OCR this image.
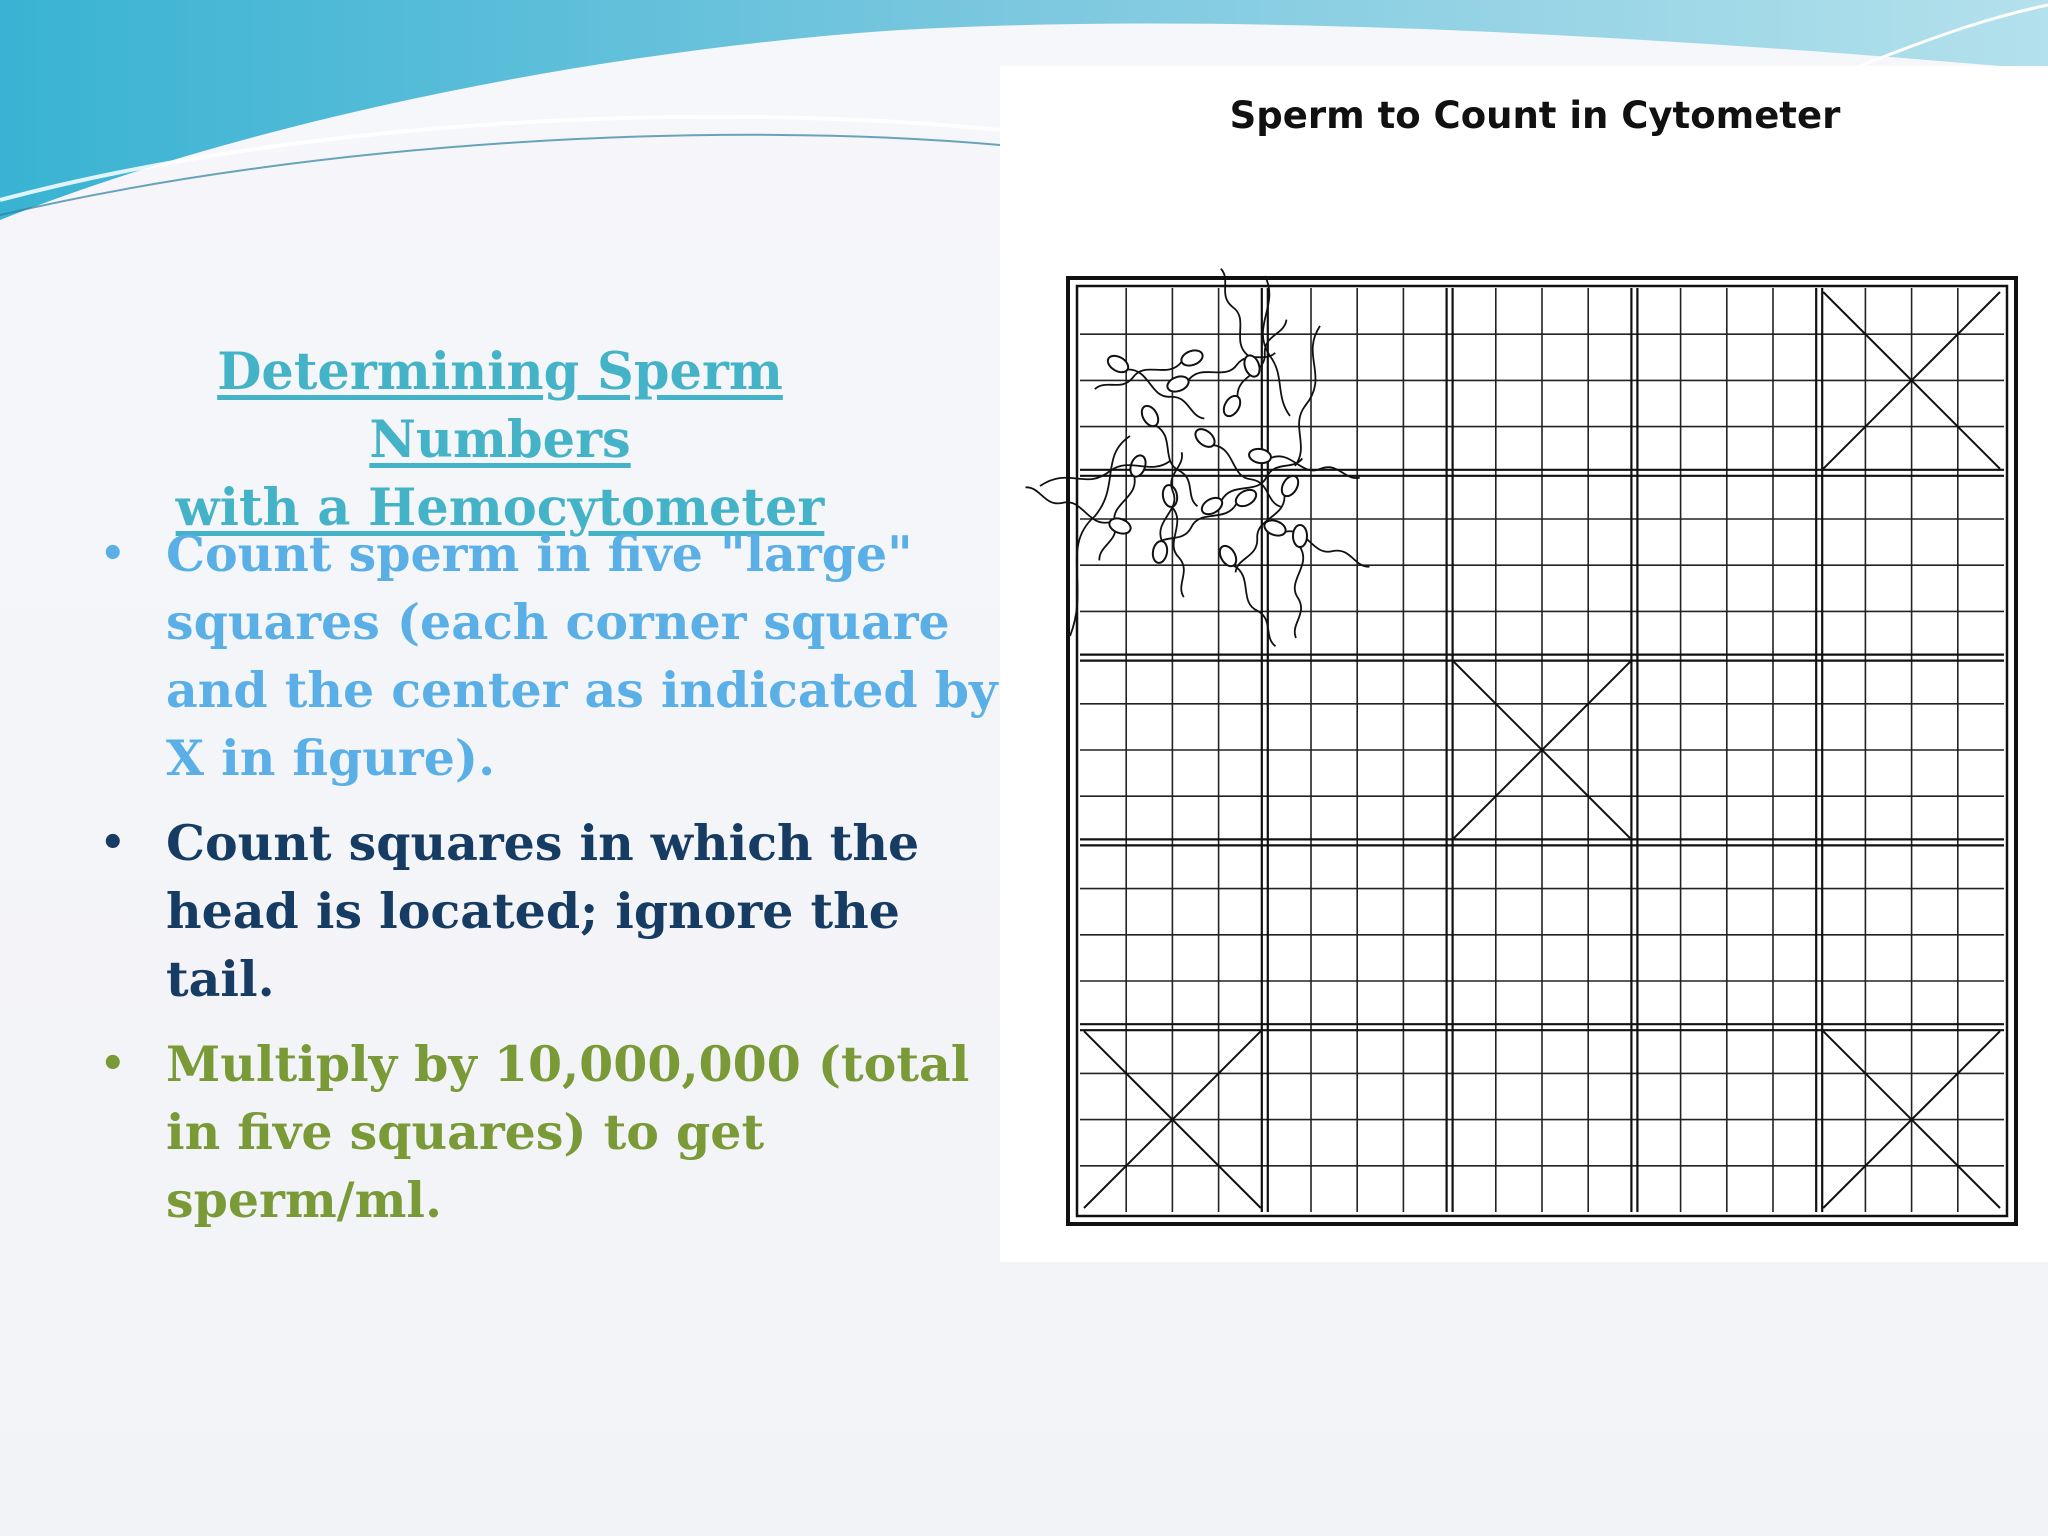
Determining Sperm Numbers
with a Hemocytometer
• Count sperm in five "large" squares (each corner square and the center as indicated by X in figure).
• Count squares in which the head is located; ignore the tail.
• Multiply by 10,000,000 (total in five squares) to get sperm/ml.
Sperm to Count in Cytometer
